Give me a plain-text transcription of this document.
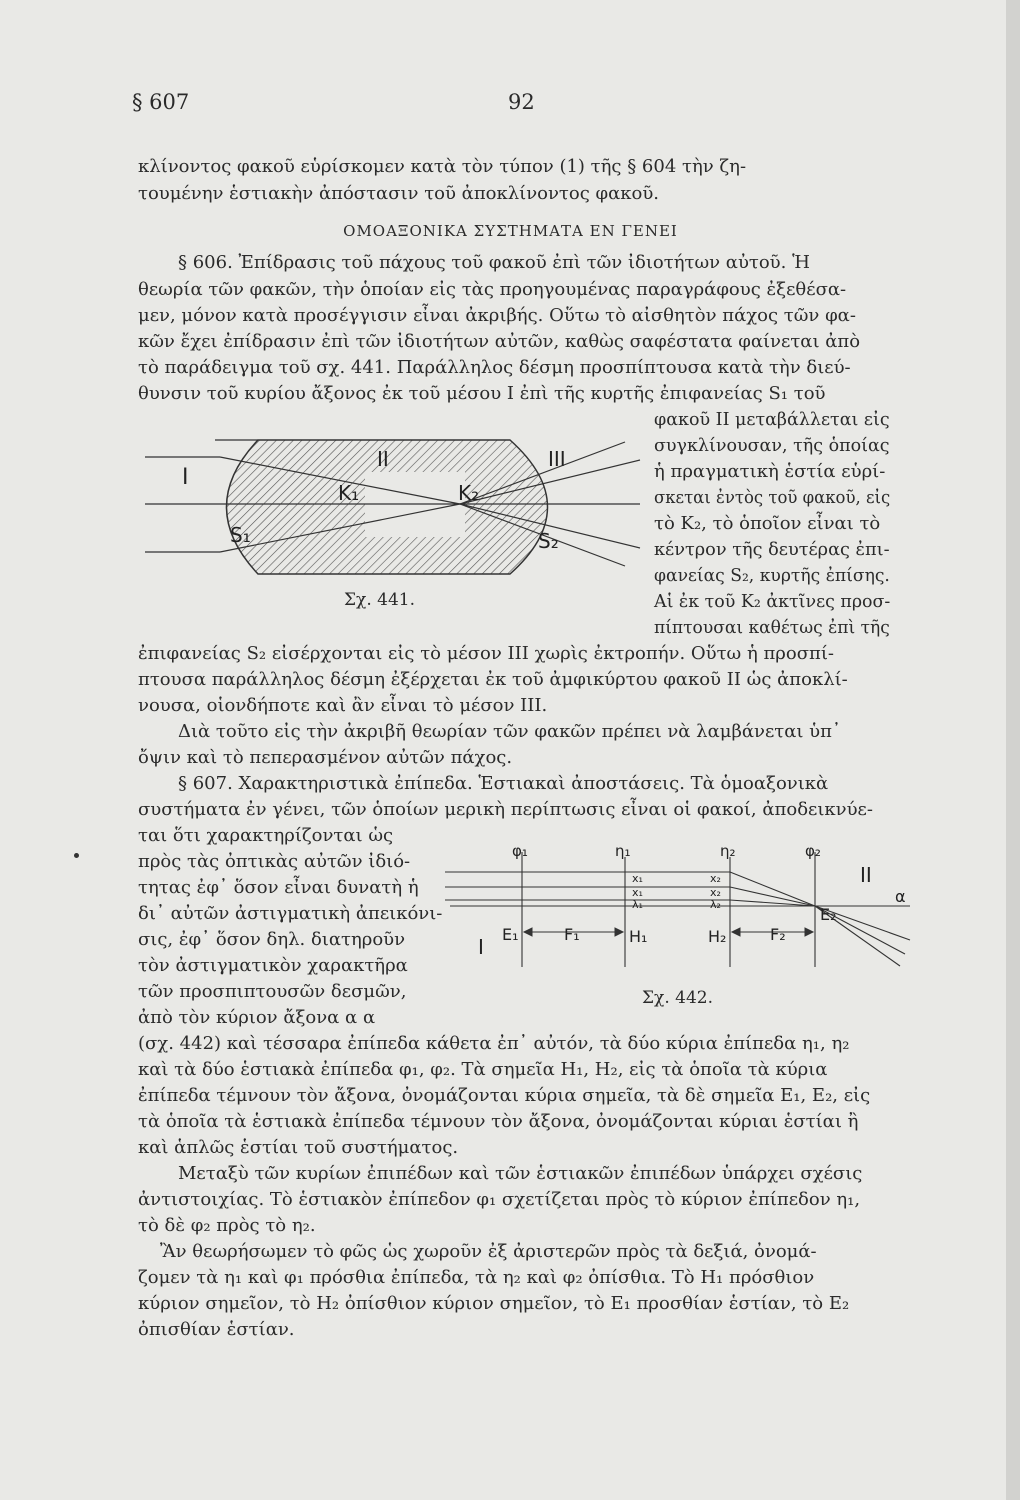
§ 607	92
κλίνοντος φακοῦ εὑρίσκομεν κατὰ τὸν τύπον (1) τῆς § 604 τὴν ζη-
τουμένην ἑστιακὴν ἀπόστασιν τοῦ ἀποκλίνοντος φακοῦ.
ΟΜΟΑΞΟΝΙΚΑ ΣΥΣΤΗΜΑΤΑ ΕΝ ΓΕΝΕΙ
§ 606. Ἐπίδρασις τοῦ πάχους τοῦ φακοῦ ἐπὶ τῶν ἰδιοτήτων αὐτοῦ. Ἡ
θεωρία τῶν φακῶν, τὴν ὁποίαν εἰς τὰς προηγουμένας παραγράφους ἐξεθέσα-
μεν, μόνον κατὰ προσέγγισιν εἶναι ἀκριβής. Οὕτω τὸ αἰσθητὸν πάχος τῶν φα-
κῶν ἔχει ἐπίδρασιν ἐπὶ τῶν ἰδιοτήτων αὐτῶν, καθὼς σαφέστατα φαίνεται ἀπὸ
τὸ παράδειγμα τοῦ σχ. 441. Παράλληλος δέσμη προσπίπτουσα κατὰ τὴν διεύ-
θυνσιν τοῦ κυρίου ἄξονος ἐκ τοῦ μέσου I ἐπὶ τῆς κυρτῆς ἐπιφανείας S₁ τοῦ
φακοῦ II μεταβάλλεται εἰς
συγκλίνουσαν, τῆς ὁποίας
ἡ πραγματικὴ ἑστία εὑρί-
σκεται ἐντὸς τοῦ φακοῦ, εἰς
τὸ K₂, τὸ ὁποῖον εἶναι τὸ
κέντρον τῆς δευτέρας ἐπι-
φανείας S₂, κυρτῆς ἐπίσης.
Αἱ ἐκ τοῦ K₂ ἀκτῖνες προσ-
πίπτουσαι καθέτως ἐπὶ τῆς
I
II	III
K₁	K₂
S₁	S₂
Σχ. 441.
ἐπιφανείας S₂ εἰσέρχονται εἰς τὸ μέσον III χωρὶς ἐκτροπήν. Οὕτω ἡ προσπί-
πτουσα παράλληλος δέσμη ἐξέρχεται ἐκ τοῦ ἀμφικύρτου φακοῦ II ὡς ἀποκλί-
νουσα, οἱονδήποτε καὶ ἂν εἶναι τὸ μέσον III.
Διὰ τοῦτο εἰς τὴν ἀκριβῆ θεωρίαν τῶν φακῶν πρέπει νὰ λαμβάνεται ὑπ᾽
ὄψιν καὶ τὸ πεπερασμένον αὐτῶν πάχος.
§ 607. Χαρακτηριστικὰ ἐπίπεδα. Ἑστιακαὶ ἀποστάσεις. Τὰ ὁμοαξονικὰ
συστήματα ἐν γένει, τῶν ὁποίων μερικὴ περίπτωσις εἶναι οἱ φακοί, ἀποδεικνύε-
ται ὅτι χαρακτηρίζονται ὡς
πρὸς τὰς ὀπτικὰς αὐτῶν ἰδιό-
τητας ἐφ᾽ ὅσον εἶναι δυνατὴ ἡ
δι᾽ αὐτῶν ἀστιγματικὴ ἀπεικόνι-
σις, ἐφ᾽ ὅσον δηλ. διατηροῦν
τὸν ἀστιγματικὸν χαρακτῆρα
τῶν προσπιπτουσῶν δεσμῶν,
ἀπὸ τὸν κύριον ἄξονα α α
φ₁	η₁	η₂	φ₂
I
II
α
x₁
x₁
λ₁
x₂
x₂
λ₂
E₁	F₁	H₁	H₂	F₂
E₂
Σχ. 442.
(σχ. 442) καὶ τέσσαρα ἐπίπεδα κάθετα ἐπ᾽ αὐτόν, τὰ δύο κύρια ἐπίπεδα η₁, η₂
καὶ τὰ δύο ἑστιακὰ ἐπίπεδα φ₁, φ₂. Τὰ σημεῖα H₁, H₂, εἰς τὰ ὁποῖα τὰ κύρια
ἐπίπεδα τέμνουν τὸν ἄξονα, ὀνομάζονται κύρια σημεῖα, τὰ δὲ σημεῖα E₁, E₂, εἰς
τὰ ὁποῖα τὰ ἑστιακὰ ἐπίπεδα τέμνουν τὸν ἄξονα, ὀνομάζονται κύριαι ἑστίαι ἢ
καὶ ἁπλῶς ἑστίαι τοῦ συστήματος.
Μεταξὺ τῶν κυρίων ἐπιπέδων καὶ τῶν ἑστιακῶν ἐπιπέδων ὑπάρχει σχέσις
ἀντιστοιχίας. Τὸ ἑστιακὸν ἐπίπεδον φ₁ σχετίζεται πρὸς τὸ κύριον ἐπίπεδον η₁,
τὸ δὲ φ₂ πρὸς τὸ η₂.
Ἂν θεωρήσωμεν τὸ φῶς ὡς χωροῦν ἐξ ἀριστερῶν πρὸς τὰ δεξιά, ὀνομά-
ζομεν τὰ η₁ καὶ φ₁ πρόσθια ἐπίπεδα, τὰ η₂ καὶ φ₂ ὀπίσθια. Τὸ H₁ πρόσθιον
κύριον σημεῖον, τὸ H₂ ὀπίσθιον κύριον σημεῖον, τὸ E₁ προσθίαν ἑστίαν, τὸ E₂
ὀπισθίαν ἑστίαν.
